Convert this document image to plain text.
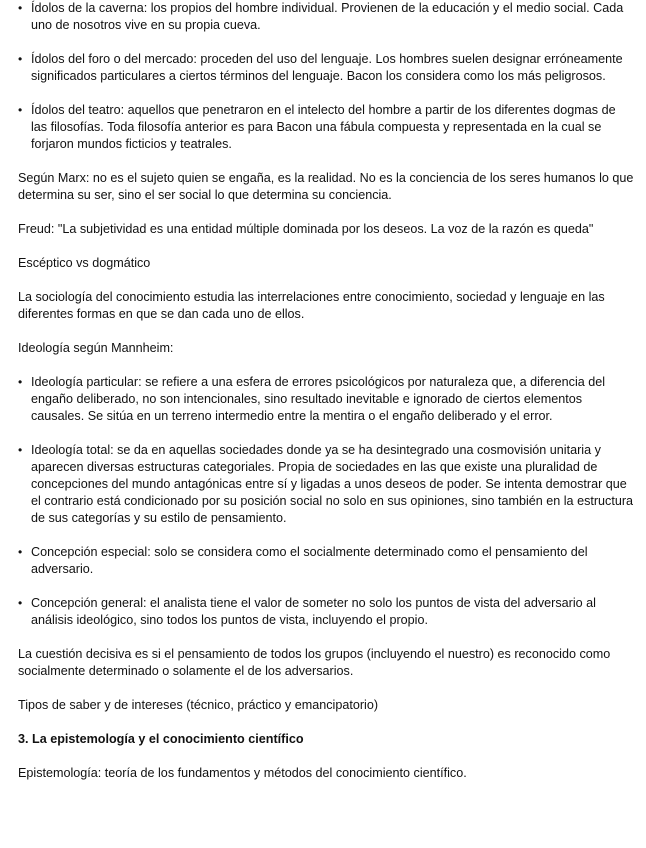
• Ídolos de la caverna: los propios del hombre individual. Provienen de la educación y el medio social. Cada uno de nosotros vive en su propia cueva.
• Ídolos del foro o del mercado: proceden del uso del lenguaje. Los hombres suelen designar erróneamente significados particulares a ciertos términos del lenguaje. Bacon los considera como los más peligrosos.
• Ídolos del teatro: aquellos que penetraron en el intelecto del hombre a partir de los diferentes dogmas de las filosofías. Toda filosofía anterior es para Bacon una fábula compuesta y representada en la cual se forjaron mundos ficticios y teatrales.

Según Marx: no es el sujeto quien se engaña, es la realidad. No es la conciencia de los seres humanos lo que determina su ser, sino el ser social lo que determina su conciencia.

Freud: "La subjetividad es una entidad múltiple dominada por los deseos. La voz de la razón es queda"

Escéptico vs dogmático

La sociología del conocimiento estudia las interrelaciones entre conocimiento, sociedad y lenguaje en las diferentes formas en que se dan cada uno de ellos.

Ideología según Mannheim:

• Ideología particular: se refiere a una esfera de errores psicológicos por naturaleza que, a diferencia del engaño deliberado, no son intencionales, sino resultado inevitable e ignorado de ciertos elementos causales. Se sitúa en un terreno intermedio entre la mentira o el engaño deliberado y el error.
• Ideología total: se da en aquellas sociedades donde ya se ha desintegrado una cosmovisión unitaria y aparecen diversas estructuras categoriales. Propia de sociedades en las que existe una pluralidad de concepciones del mundo antagónicas entre sí y ligadas a unos deseos de poder. Se intenta demostrar que el contrario está condicionado por su posición social no solo en sus opiniones, sino también en la estructura de sus categorías y su estilo de pensamiento.
• Concepción especial: solo se considera como el socialmente determinado como el pensamiento del adversario.
• Concepción general: el analista tiene el valor de someter no solo los puntos de vista del adversario al análisis ideológico, sino todos los puntos de vista, incluyendo el propio.

La cuestión decisiva es si el pensamiento de todos los grupos (incluyendo el nuestro) es reconocido como socialmente determinado o solamente el de los adversarios.

Tipos de saber y de intereses (técnico, práctico y emancipatorio)

3. La epistemología y el conocimiento científico

Epistemología: teoría de los fundamentos y métodos del conocimiento científico.
